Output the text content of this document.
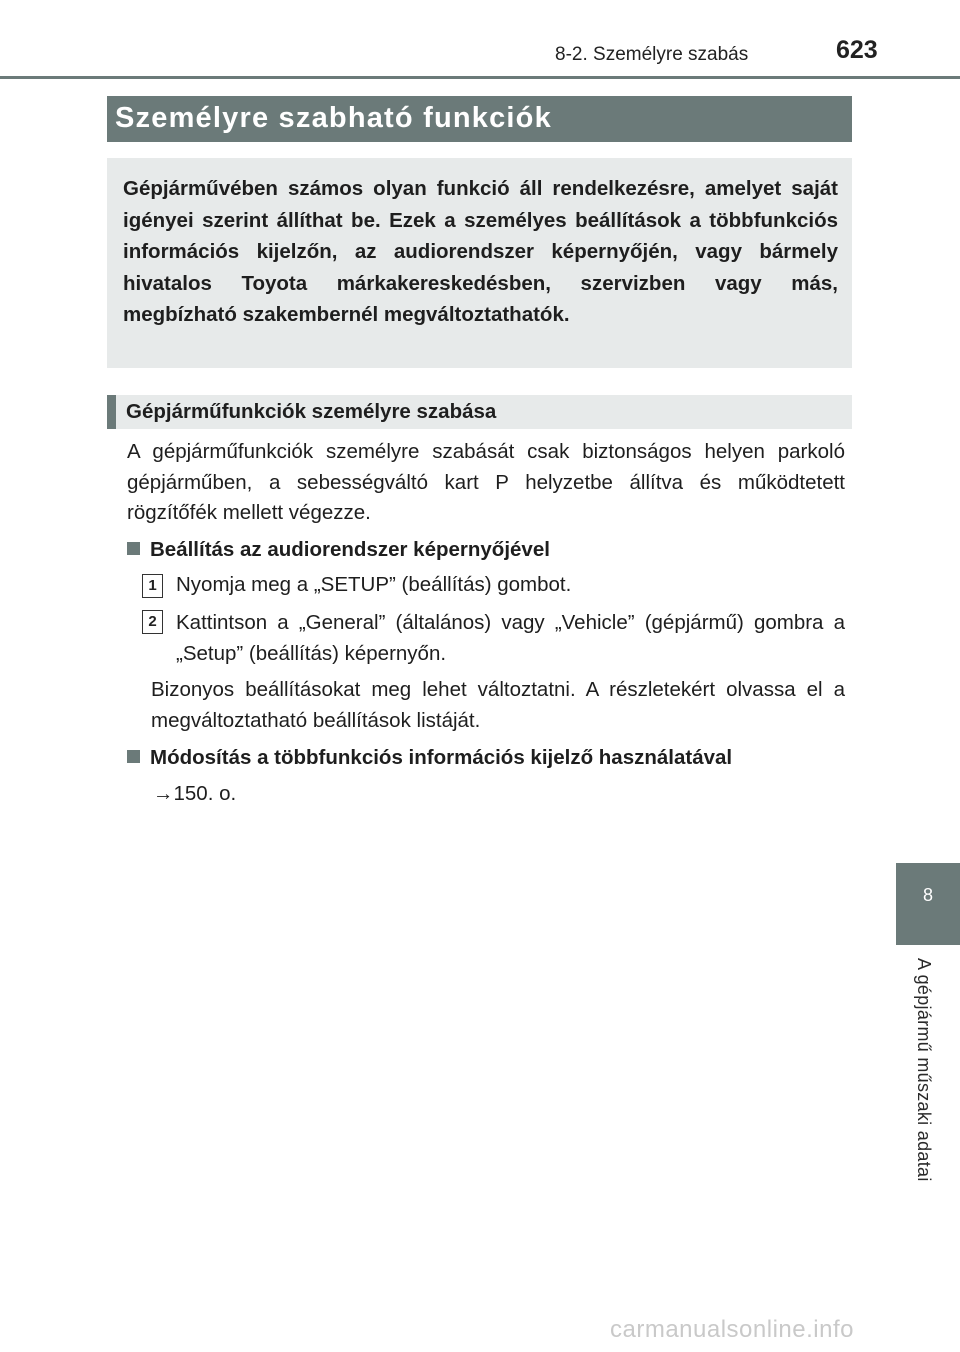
8-2. Személyre szabás	623
Személyre szabható funkciók

Gépjárművében számos olyan funkció áll rendelkezésre, amelyet saját igényei szerint állíthat be. Ezek a személyes beállítások a többfunkciós információs kijelzőn, az audiorendszer képernyőjén, vagy bármely hivatalos Toyota márkakereskedésben, szervizben vagy más, megbízható szakembernél megváltoztathatók.

Gépjárműfunkciók személyre szabása

A gépjárműfunkciók személyre szabását csak biztonságos helyen parkoló gépjárműben, a sebességváltó kart P helyzetbe állítva és működtetett rögzítőfék mellett végezze.

Beállítás az audiorendszer képernyőjével
1 Nyomja meg a „SETUP” (beállítás) gombot.

2 Kattintson a „General” (általános) vagy „Vehicle” (gépjármű) gombra a „Setup” (beállítás) képernyőn.

Bizonyos beállításokat meg lehet változtatni. A részletekért olvassa el a megváltoztatható beállítások listáját.

Módosítás a többfunkciós információs kijelző használatával

→150. o.

8
A gépjármű műszaki adatai
carmanualsonline.info
